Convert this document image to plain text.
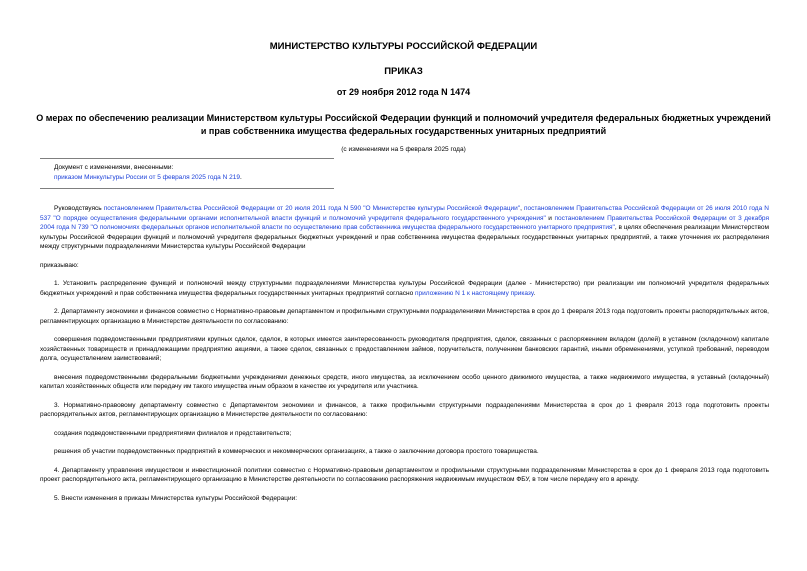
МИНИСТЕРСТВО КУЛЬТУРЫ РОССИЙСКОЙ ФЕДЕРАЦИИ
ПРИКАЗ
от 29 ноября 2012 года N 1474
О мерах по обеспечению реализации Министерством культуры Российской Федерации функций и полномочий учредителя федеральных бюджетных учреждений и прав собственника имущества федеральных государственных унитарных предприятий
(с изменениями на 5 февраля 2025 года)
Документ с изменениями, внесенными:
приказом Минкультуры России от 5 февраля 2025 года N 219.

Руководствуясь постановлением Правительства Российской Федерации от 20 июля 2011 года N 590 "О Министерстве культуры Российской Федерации", постановлением Правительства Российской Федерации от 26 июля 2010 года N 537 "О порядке осуществления федеральными органами исполнительной власти функций и полномочий учредителя федерального государственного учреждения" и постановлением Правительства Российской Федерации от 3 декабря 2004 года N 739 "О полномочиях федеральных органов исполнительной власти по осуществлению прав собственника имущества федерального государственного унитарного предприятия", в целях обеспечения реализации Министерством культуры Российской Федерации функций и полномочий учредителя федеральных бюджетных учреждений и прав собственника имущества федеральных государственных унитарных предприятий, а также уточнения их распределения между структурными подразделениями Министерства культуры Российской Федерации

приказываю:

1. Установить распределение функций и полномочий между структурными подразделениями Министерства культуры Российской Федерации (далее - Министерство) при реализации им полномочий учредителя федеральных бюджетных учреждений и прав собственника имущества федеральных государственных унитарных предприятий согласно приложению N 1 к настоящему приказу.

2. Департаменту экономики и финансов совместно с Нормативно-правовым департаментом и профильными структурными подразделениями Министерства в срок до 1 февраля 2013 года подготовить проекты распорядительных актов, регламентирующих организацию в Министерстве деятельности по согласованию:

совершения подведомственными предприятиями крупных сделок, сделок, в которых имеется заинтересованность руководителя предприятия, сделок, связанных с распоряжением вкладом (долей) в уставном (складочном) капитале хозяйственных товариществ и принадлежащими предприятию акциями, а также сделок, связанных с предоставлением займов, поручительств, получением банковских гарантий, иными обременениями, уступкой требований, переводом долга, осуществлением заимствований;

внесения подведомственными федеральными бюджетными учреждениями денежных средств, иного имущества, за исключением особо ценного движимого имущества, а также недвижимого имущества, в уставный (складочный) капитал хозяйственных обществ или передачу им такого имущества иным образом в качестве их учредителя или участника.

3. Нормативно-правовому департаменту совместно с Департаментом экономики и финансов, а также профильными структурными подразделениями Министерства в срок до 1 февраля 2013 года подготовить проекты распорядительных актов, регламентирующих организацию в Министерстве деятельности по согласованию:

создания подведомственными предприятиями филиалов и представительств;

решения об участии подведомственных предприятий в коммерческих и некоммерческих организациях, а также о заключении договора простого товарищества.

4. Департаменту управления имуществом и инвестиционной политики совместно с Нормативно-правовым департаментом и профильными структурными подразделениями Министерства в срок до 1 февраля 2013 года подготовить проект распорядительного акта, регламентирующего организацию в Министерстве деятельности по согласованию распоряжения недвижимым имуществом ФБУ, в том числе передачу его в аренду.

5. Внести изменения в приказы Министерства культуры Российской Федерации:
